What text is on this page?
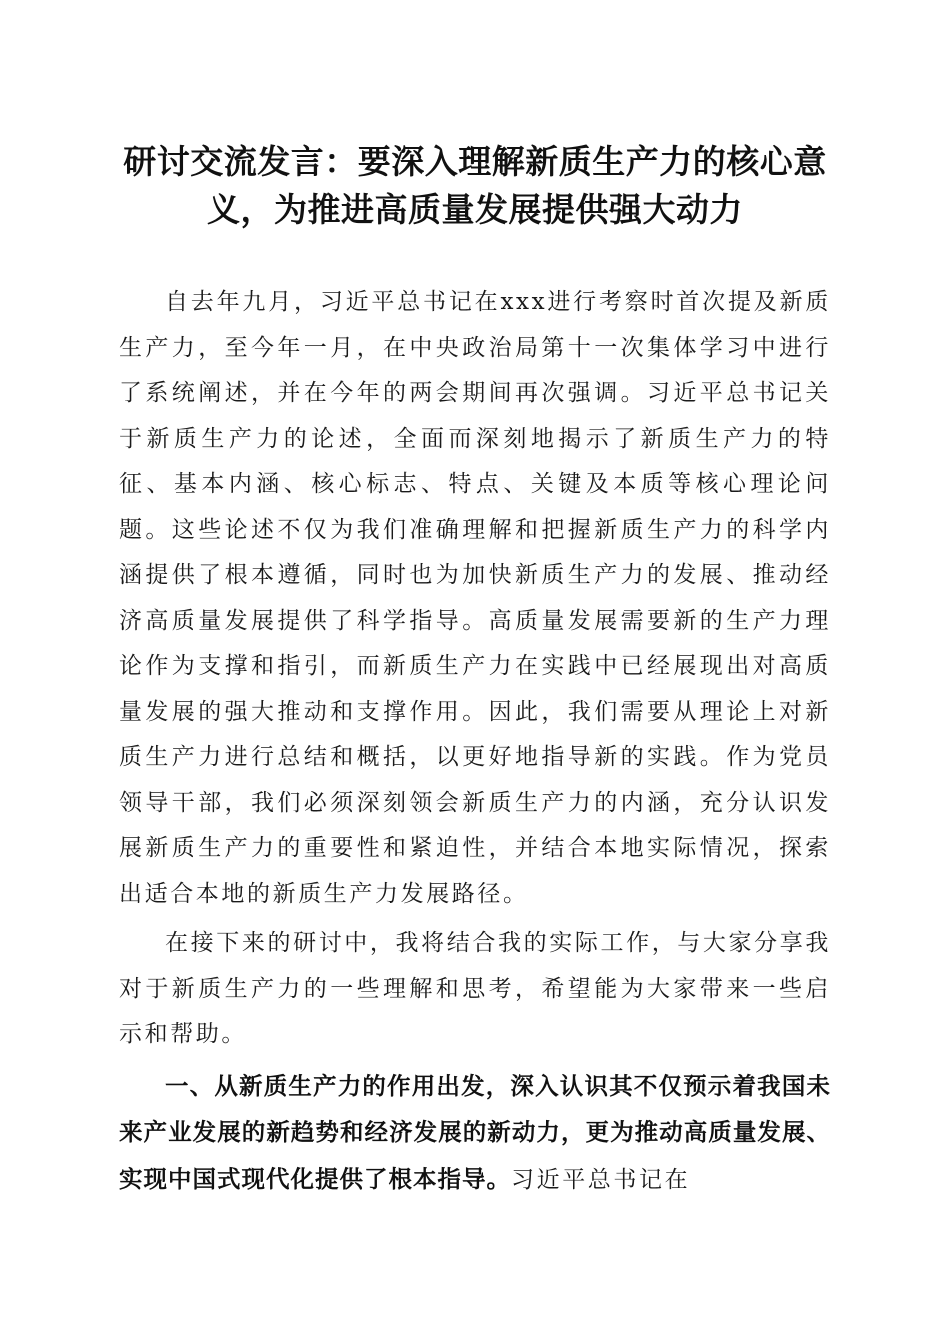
研讨交流发言：要深入理解新质生产力的核心意义，为推进高质量发展提供强大动力

自去年九月，习近平总书记在xxx进行考察时首次提及新质生产力，至今年一月，在中央政治局第十一次集体学习中进行了系统阐述，并在今年的两会期间再次强调。习近平总书记关于新质生产力的论述，全面而深刻地揭示了新质生产力的特征、基本内涵、核心标志、特点、关键及本质等核心理论问题。这些论述不仅为我们准确理解和把握新质生产力的科学内涵提供了根本遵循，同时也为加快新质生产力的发展、推动经济高质量发展提供了科学指导。高质量发展需要新的生产力理论作为支撑和指引，而新质生产力在实践中已经展现出对高质量发展的强大推动和支撑作用。因此，我们需要从理论上对新质生产力进行总结和概括，以更好地指导新的实践。作为党员领导干部，我们必须深刻领会新质生产力的内涵，充分认识发展新质生产力的重要性和紧迫性，并结合本地实际情况，探索出适合本地的新质生产力发展路径。

在接下来的研讨中，我将结合我的实际工作，与大家分享我对于新质生产力的一些理解和思考，希望能为大家带来一些启示和帮助。

一、从新质生产力的作用出发，深入认识其不仅预示着我国未来产业发展的新趋势和经济发展的新动力，更为推动高质量发展、实现中国式现代化提供了根本指导。习近平总书记在
